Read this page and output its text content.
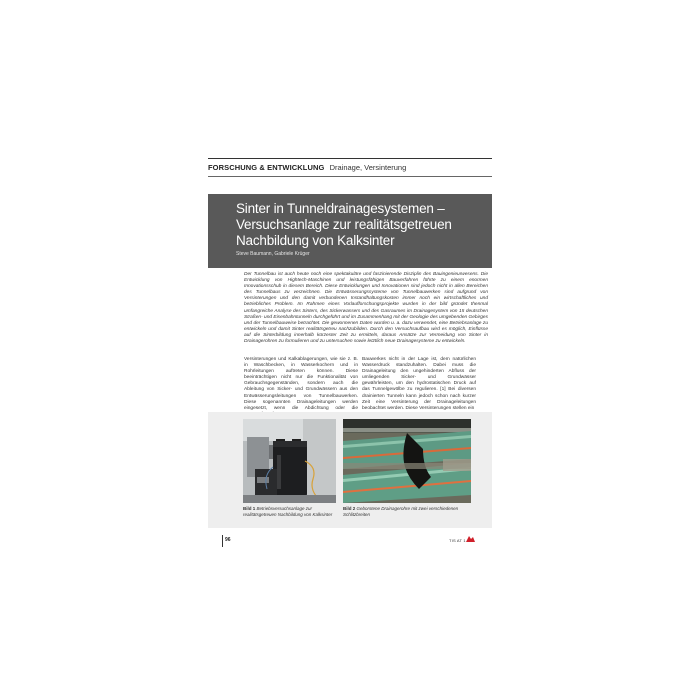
FORSCHUNG & ENTWICKLUNG Drainage, Versinterung
Sinter in Tunneldrainagesystemen –
Versuchsanlage zur realitätsgetreuen
Nachbildung von Kalksinter
Steve Baumann, Gabriele Krüger
Der Tunnelbau ist auch heute noch eine spektakuläre und faszinierende Disziplin des Bauingenieurwesens. Die Entwicklung von Hightech-Maschinen und leistungsfähigen Bauverfahren führte zu einem enormen Innovationsschub in diesem Bereich. Diese Entwicklungen und Innovationen sind jedoch nicht in allen Bereichen des Tunnelbaus zu verzeichnen. Die Entwässerungssysteme von Tunnelbauwerken sind aufgrund von Versinterungen und den damit verbundenen Instandhaltungskosten immer noch ein wirtschaftliches und betriebliches Problem. Im Rahmen eines Vorlaufforschungsprojekte wurden in der bild gründet thenmal umfangreiche Analyse des Sinters, des Sickerwassers und des Gasraumes im Drainagesystem von 15 deutschen Straßen- und Eisenbahntunneln durchgeführt und im Zusammenhang mit der Geologie des umgebenden Gebirges und der Tunnelbauweise betrachtet. Die gewonnenen Daten wurden u. a. dazu verwendet, eine Betriebsanlage zu entwickeln und damit Sinter realitätsgetreu nachzubilden. Durch den Versuchsaufbau wird es möglich, Einflüsse auf die Sinterbildung innerhalb kürzester Zeit zu ermitteln, daraus Ansätze zur Vermeidung von Sinter in Drainagerohren zu formulieren und zu untersuchen sowie letztlich neue Drainagesysteme zu entwickeln.
Versinterungen und Kalkablagerungen, wie sie z. B. in Waschbecken, in Wasserkochern und in Rohrleitungen auftreten können. Diese beeinträchtigen nicht nur die Funktionalität von Gebrauchsgegenständen, sondern auch die Ableitung von Sicker- und Grundwässern aus den Entwässerungsleitungen von Tunnelbauwerken. Diese sogenannten Drainageleitungen werden eingesetzt, wenn die Abdichtung oder die
Bauwerkes nicht in der Lage ist, dem natürlichen Wasserdruck standzuhalten. Dabei muss die Drainageleitung den ungehinderten Abfluss der umliegenden Sicker- und Grundwässer gewährleisten, um den hydrostatischen Druck auf das Tunnelgewölbe zu regulieren. [1] Bei diversen drainierten Tunneln kann jedoch schon nach kurzer Zeit eine Versinterung der Drainageleitungen beobachtet werden. Diese Versinterungen stellen ein
Bild 1 Betriebsversuchsanlage zur realitätsgetreuen Nachbildung von Kalksinter
Bild 2 Geborstene Drainagerohre mit zwei verschiedenen Schlitzbreiten
96	TIS AT 1
